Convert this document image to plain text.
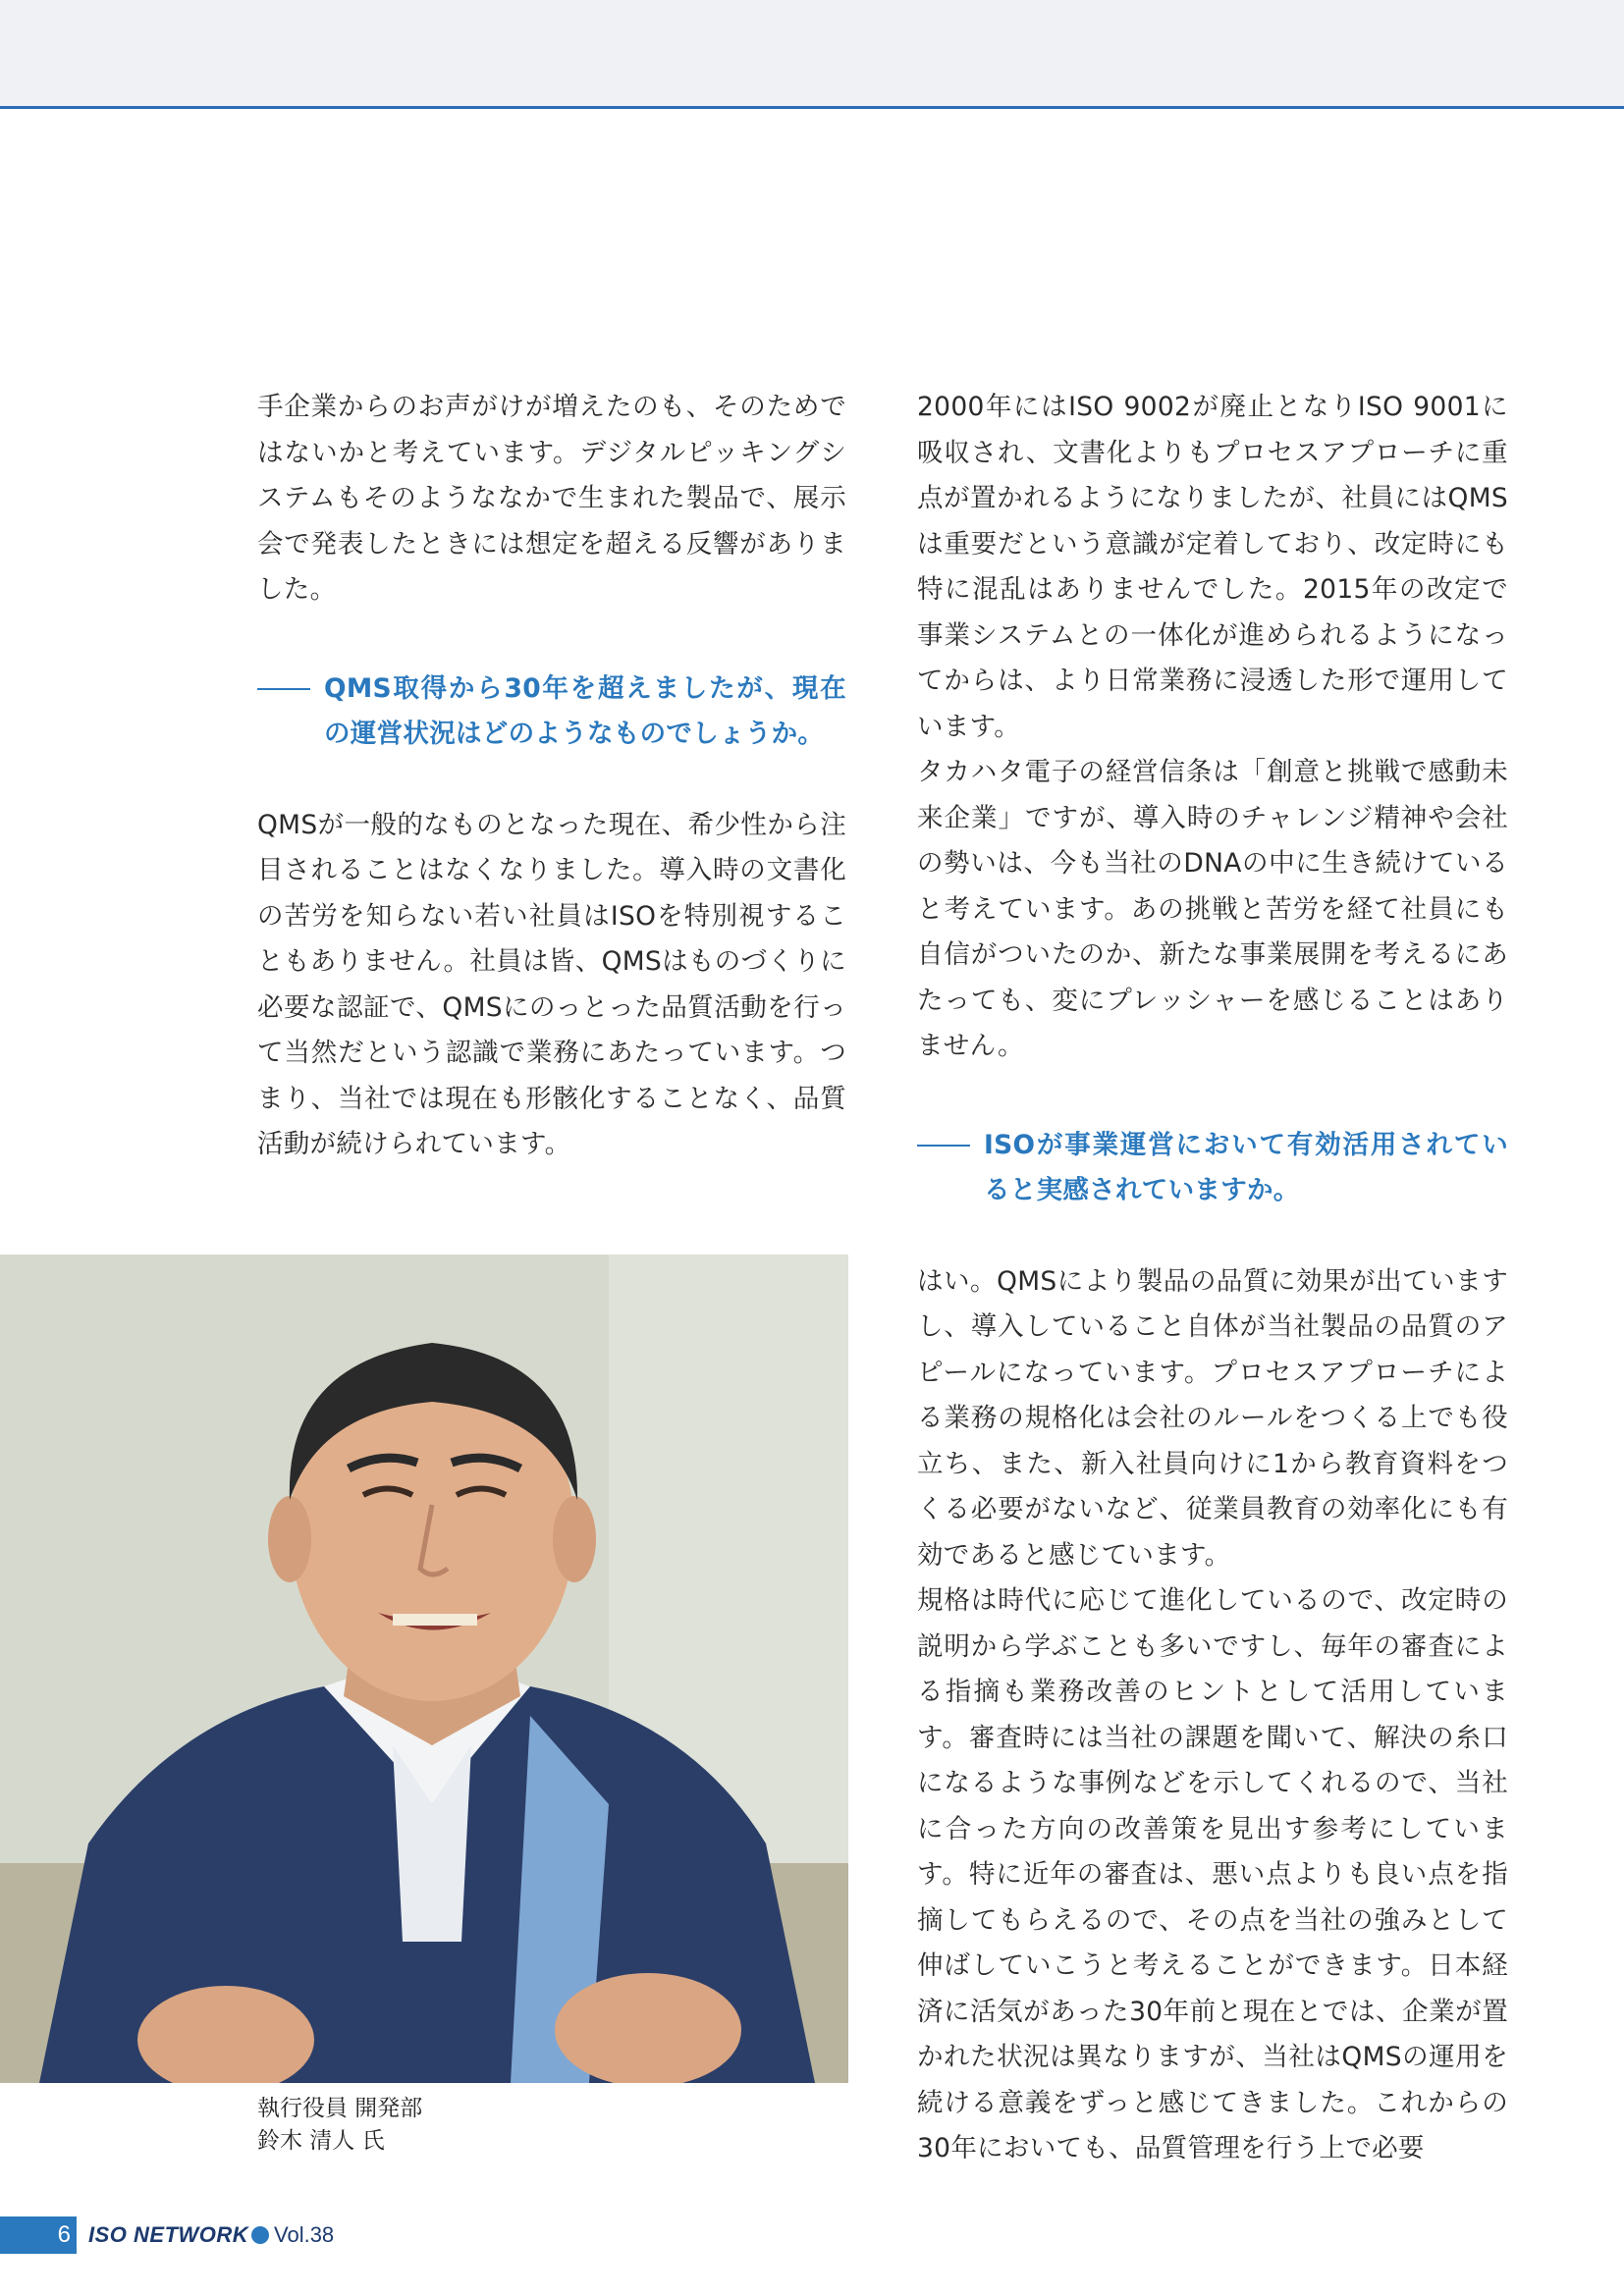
手企業からのお声がけが増えたのも、そのためではないかと考えています。デジタルピッキングシステムもそのようななかで生まれた製品で、展示会で発表したときには想定を超える反響がありました。

QMS取得から30年を超えましたが、現在の運営状況はどのようなものでしょうか。

QMSが一般的なものとなった現在、希少性から注目されることはなくなりました。導入時の文書化の苦労を知らない若い社員はISOを特別視することもありません。社員は皆、QMSはものづくりに必要な認証で、QMSにのっとった品質活動を行って当然だという認識で業務にあたっています。つまり、当社では現在も形骸化することなく、品質活動が続けられています。

2000年にはISO 9002が廃止となりISO 9001に吸収され、文書化よりもプロセスアプローチに重点が置かれるようになりましたが、社員にはQMSは重要だという意識が定着しており、改定時にも特に混乱はありませんでした。2015年の改定で事業システムとの一体化が進められるようになってからは、より日常業務に浸透した形で運用しています。

タカハタ電子の経営信条は「創意と挑戦で感動未来企業」ですが、導入時のチャレンジ精神や会社の勢いは、今も当社のDNAの中に生き続けていると考えています。あの挑戦と苦労を経て社員にも自信がついたのか、新たな事業展開を考えるにあたっても、変にプレッシャーを感じることはありません。

ISOが事業運営において有効活用されていると実感されていますか。

はい。QMSにより製品の品質に効果が出ていますし、導入していること自体が当社製品の品質のアピールになっています。プロセスアプローチによる業務の規格化は会社のルールをつくる上でも役立ち、また、新入社員向けに1から教育資料をつくる必要がないなど、従業員教育の効率化にも有効であると感じています。

規格は時代に応じて進化しているので、改定時の説明から学ぶことも多いですし、毎年の審査による指摘も業務改善のヒントとして活用しています。審査時には当社の課題を聞いて、解決の糸口になるような事例などを示してくれるので、当社に合った方向の改善策を見出す参考にしています。特に近年の審査は、悪い点よりも良い点を指摘してもらえるので、その点を当社の強みとして伸ばしていこうと考えることができます。日本経済に活気があった30年前と現在とでは、企業が置かれた状況は異なりますが、当社はQMSの運用を続ける意義をずっと感じてきました。これからの30年においても、品質管理を行う上で必要

執行役員 開発部
鈴木 清人 氏
6 ISO NETWORK Vol.38
